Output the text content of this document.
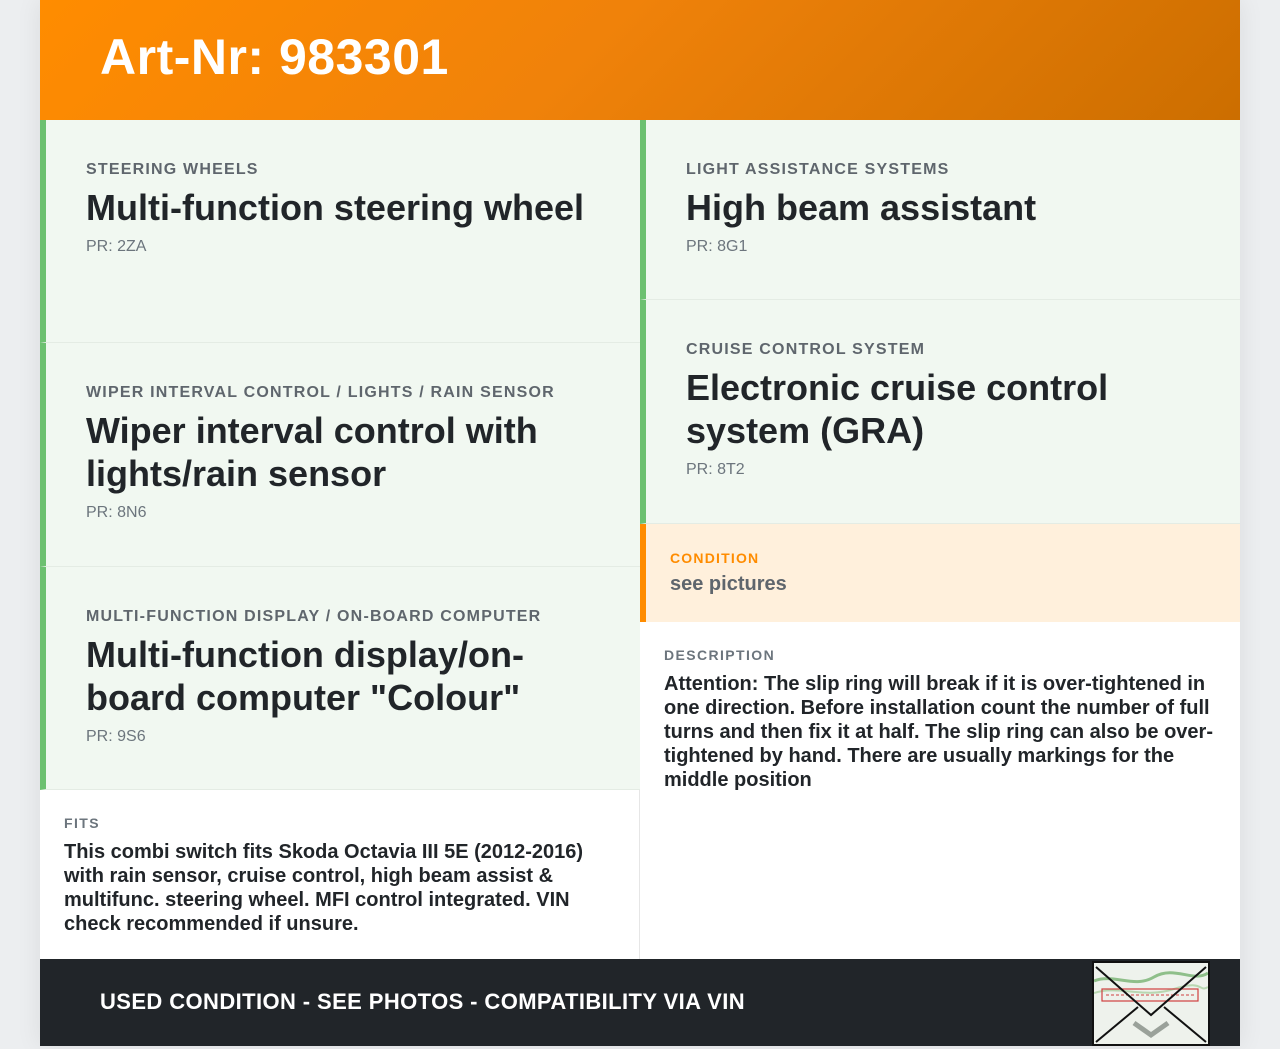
Art-Nr: 983301
STEERING WHEELS
Multi-function steering wheel
PR: 2ZA
WIPER INTERVAL CONTROL / LIGHTS / RAIN SENSOR
Wiper interval control with lights/rain sensor
PR: 8N6
MULTI-FUNCTION DISPLAY / ON-BOARD COMPUTER
Multi-function display/on-board computer "Colour"
PR: 9S6
FITS
This combi switch fits Skoda Octavia III 5E (2012-2016) with rain sensor, cruise control, high beam assist & multifunc. steering wheel. MFI control integrated. VIN check recommended if unsure.
LIGHT ASSISTANCE SYSTEMS
High beam assistant
PR: 8G1
CRUISE CONTROL SYSTEM
Electronic cruise control system (GRA)
PR: 8T2
CONDITION
see pictures
DESCRIPTION
Attention: The slip ring will break if it is over-tightened in one direction. Before installation count the number of full turns and then fix it at half. The slip ring can also be over-tightened by hand. There are usually markings for the middle position
USED CONDITION - SEE PHOTOS - COMPATIBILITY VIA VIN
